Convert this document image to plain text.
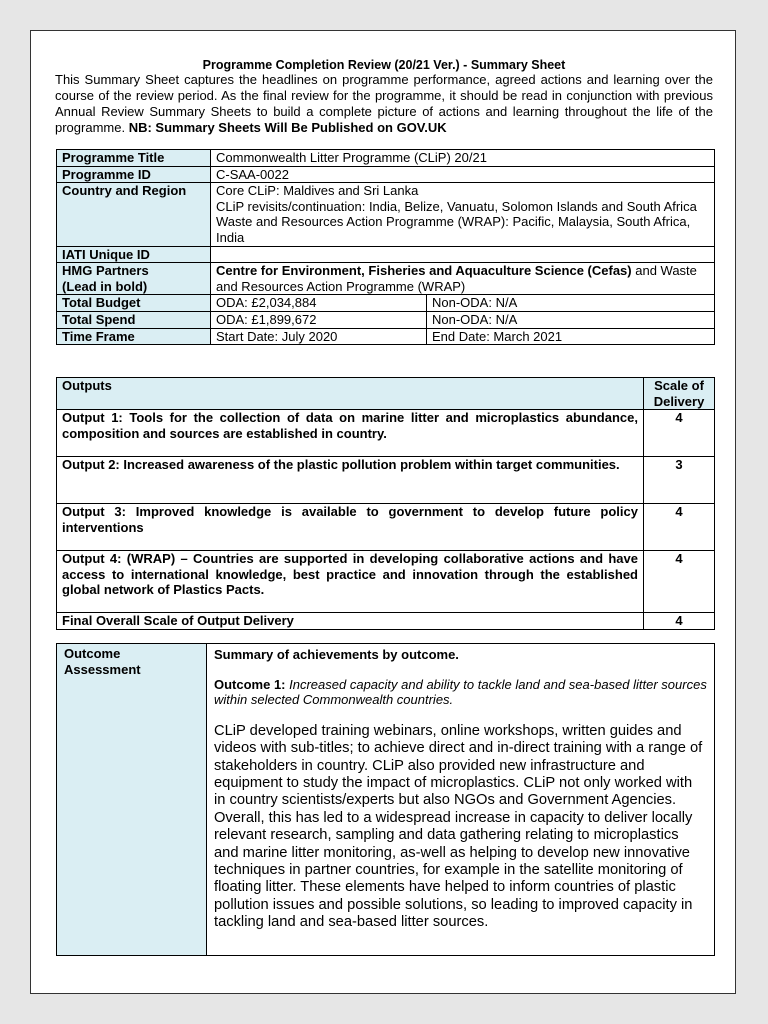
Programme Completion Review (20/21 Ver.) - Summary Sheet
This Summary Sheet captures the headlines on programme performance, agreed actions and learning over the course of the review period. As the final review for the programme, it should be read in conjunction with previous Annual Review Summary Sheets to build a complete picture of actions and learning throughout the life of the programme. NB: Summary Sheets Will Be Published on GOV.UK
Programme Title	Commonwealth Litter Programme (CLiP) 20/21	
Programme ID	C-SAA-0022	
Country and Region	Core CLiP: Maldives and Sri Lanka
CLiP revisits/continuation: India, Belize, Vanuatu, Solomon Islands and South Africa
Waste and Resources Action Programme (WRAP): Pacific, Malaysia, South Africa, India	

IATI Unique ID		

HMG Partners
(Lead in bold)	Centre for Environment, Fisheries and Aquaculture Science (Cefas) and Waste and Resources Action Programme (WRAP)	
Total Budget	ODA: £2,034,884	Non-ODA: N/A
Total Spend	ODA: £1,899,672	Non-ODA: N/A
Time Frame	Start Date: July 2020	End Date: March 2021
Outputs	Scale of Delivery
Output 1: Tools for the collection of data on marine litter and microplastics abundance, composition and sources are established in country.	4
Output 2: Increased awareness of the plastic pollution problem within target communities.	3
Output 3: Improved knowledge is available to government to develop future policy interventions	4
Output 4: (WRAP) – Countries are supported in developing collaborative actions and have access to international knowledge, best practice and innovation through the established global network of Plastics Pacts.	4
Final Overall Scale of Output Delivery	4
Outcome Assessment	
Summary of achievements by outcome.
Outcome 1: Increased capacity and ability to tackle land and sea-based litter sources within selected Commonwealth countries.
CLiP developed training webinars, online workshops, written guides and videos with sub-titles; to achieve direct and in-direct training with a range of stakeholders in country. CLiP also provided new infrastructure and equipment to study the impact of microplastics. CLiP not only worked with in country scientists/experts but also NGOs and Government Agencies. Overall, this has led to a widespread increase in capacity to deliver locally relevant research, sampling and data gathering relating to microplastics and marine litter monitoring, as-well as helping to develop new innovative techniques in partner countries, for example in the satellite monitoring of floating litter. These elements have helped to inform countries of plastic pollution issues and possible solutions, so leading to improved capacity in tackling land and sea-based litter sources.
